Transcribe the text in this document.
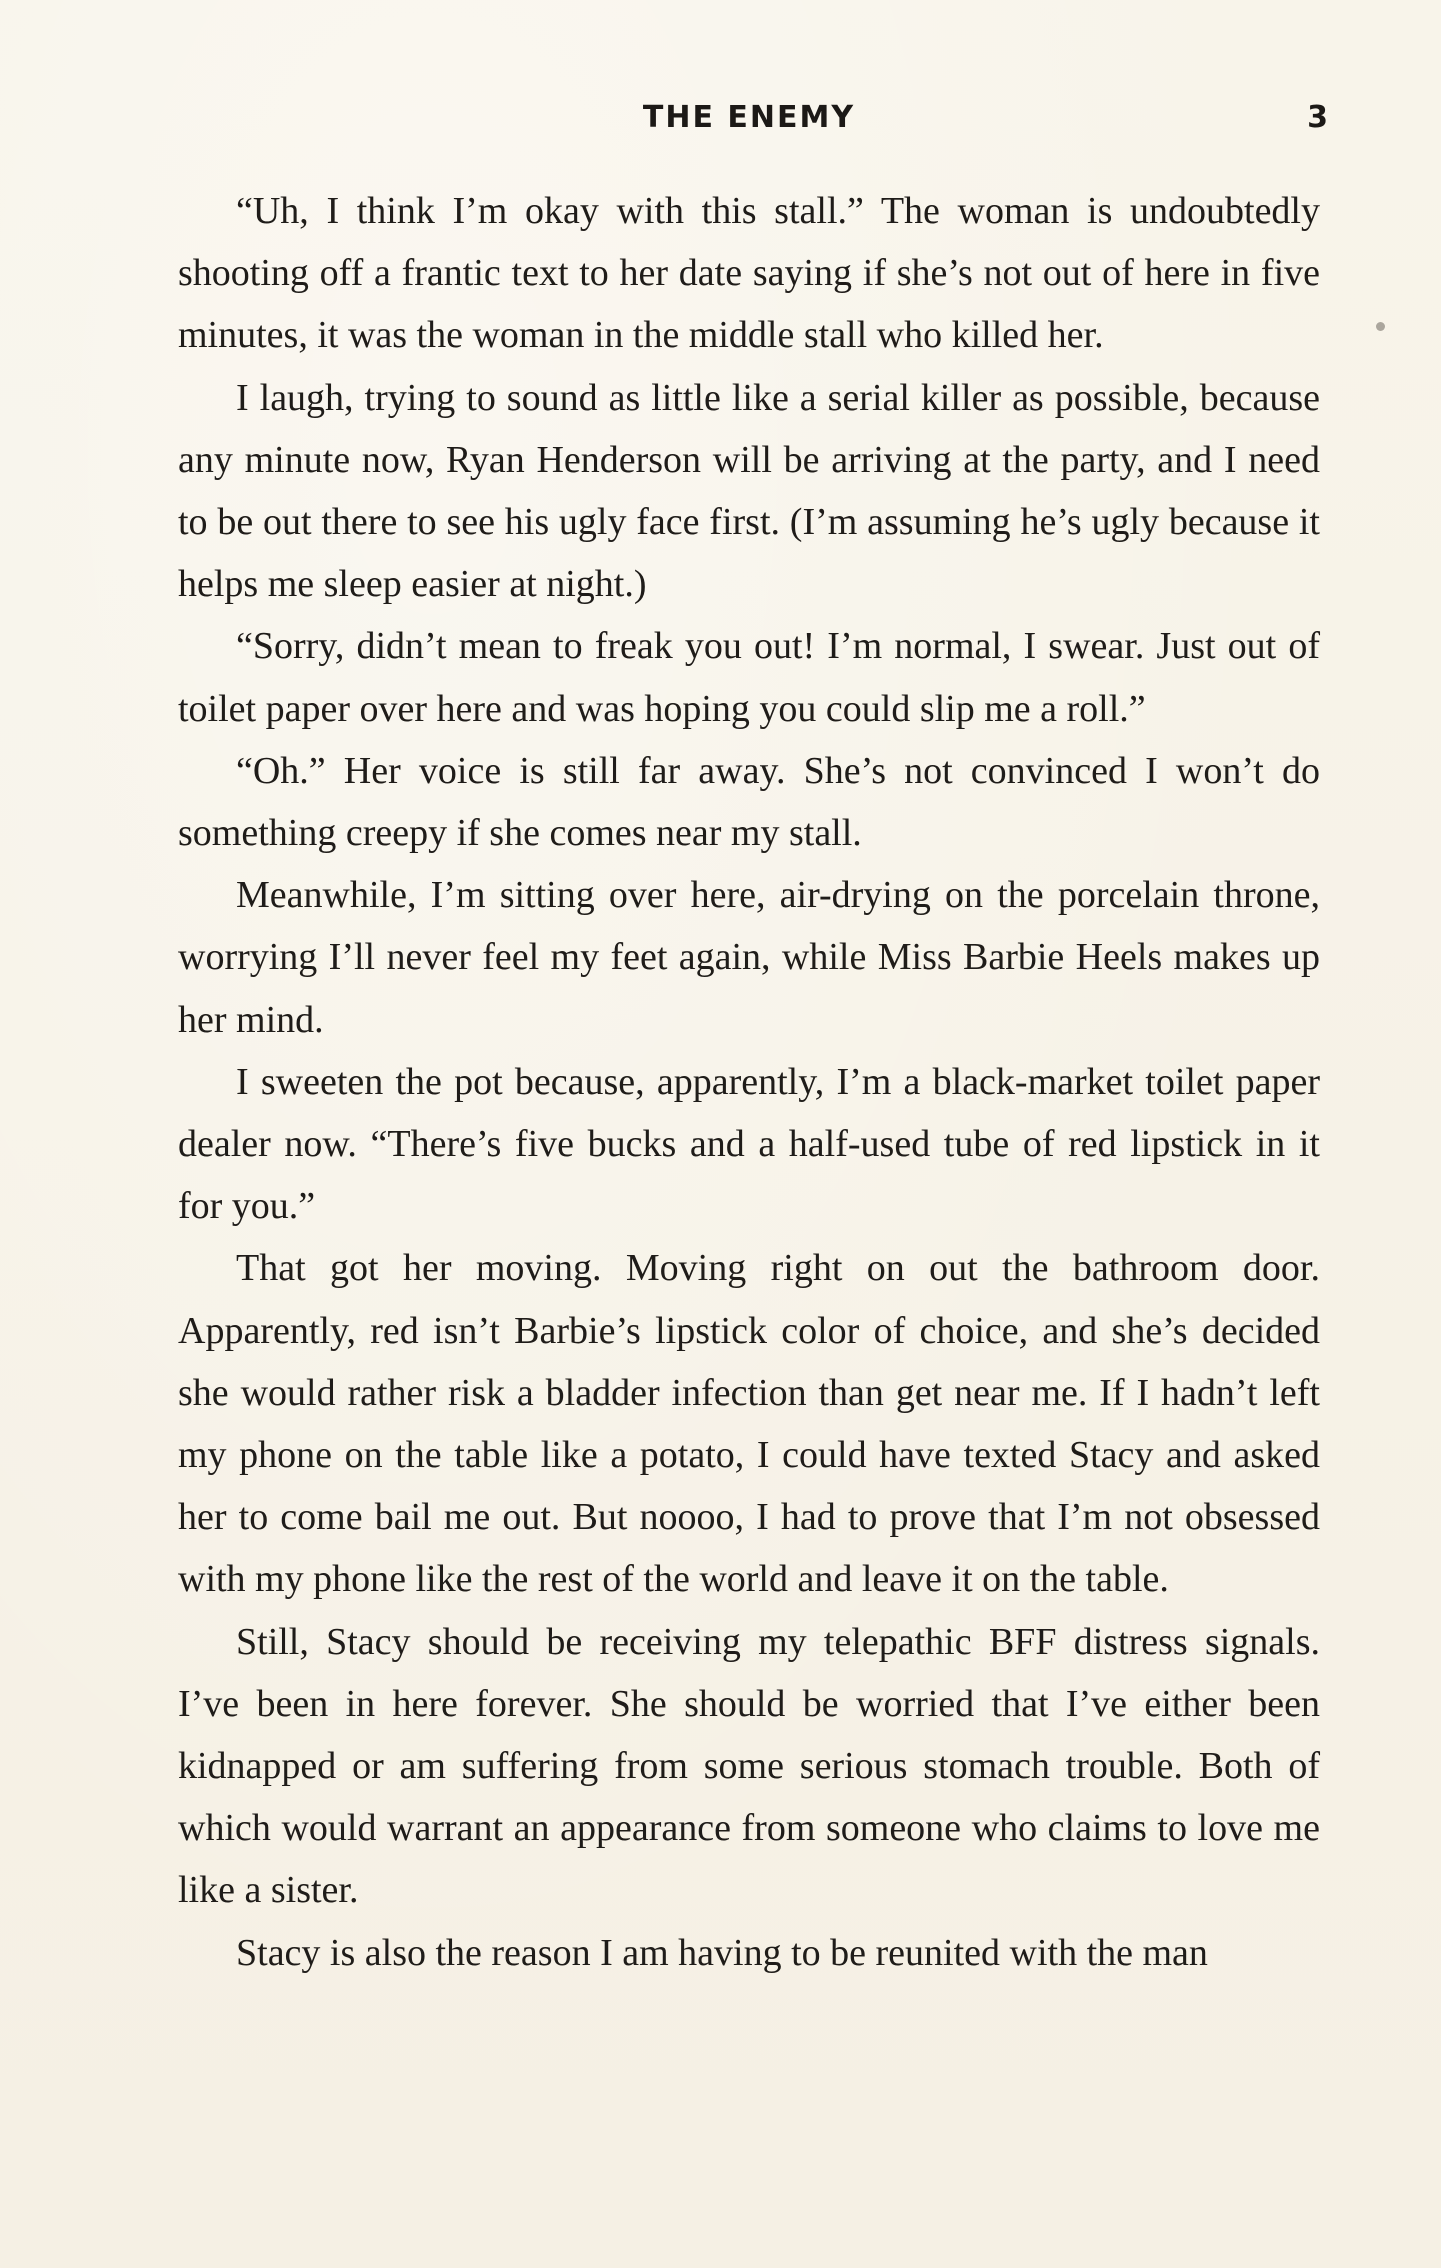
THE ENEMY	3

“Uh, I think I’m okay with this stall.” The woman is undoubtedly shooting off a frantic text to her date saying if she’s not out of here in five minutes, it was the woman in the middle stall who killed her.

I laugh, trying to sound as little like a serial killer as possible, because any minute now, Ryan Henderson will be arriving at the party, and I need to be out there to see his ugly face first. (I’m assuming he’s ugly because it helps me sleep easier at night.)

“Sorry, didn’t mean to freak you out! I’m normal, I swear. Just out of toilet paper over here and was hoping you could slip me a roll.”

“Oh.” Her voice is still far away. She’s not convinced I won’t do something creepy if she comes near my stall.

Meanwhile, I’m sitting over here, air-drying on the porcelain throne, worrying I’ll never feel my feet again, while Miss Barbie Heels makes up her mind.

I sweeten the pot because, apparently, I’m a black-market toilet paper dealer now. “There’s five bucks and a half-used tube of red lipstick in it for you.”

That got her moving. Moving right on out the bathroom door. Apparently, red isn’t Barbie’s lipstick color of choice, and she’s decided she would rather risk a bladder infection than get near me. If I hadn’t left my phone on the table like a potato, I could have texted Stacy and asked her to come bail me out. But noooo, I had to prove that I’m not obsessed with my phone like the rest of the world and leave it on the table.

Still, Stacy should be receiving my telepathic BFF distress signals. I’ve been in here forever. She should be worried that I’ve either been kidnapped or am suffering from some serious stomach trouble. Both of which would warrant an appearance from someone who claims to love me like a sister.

Stacy is also the reason I am having to be reunited with the man
